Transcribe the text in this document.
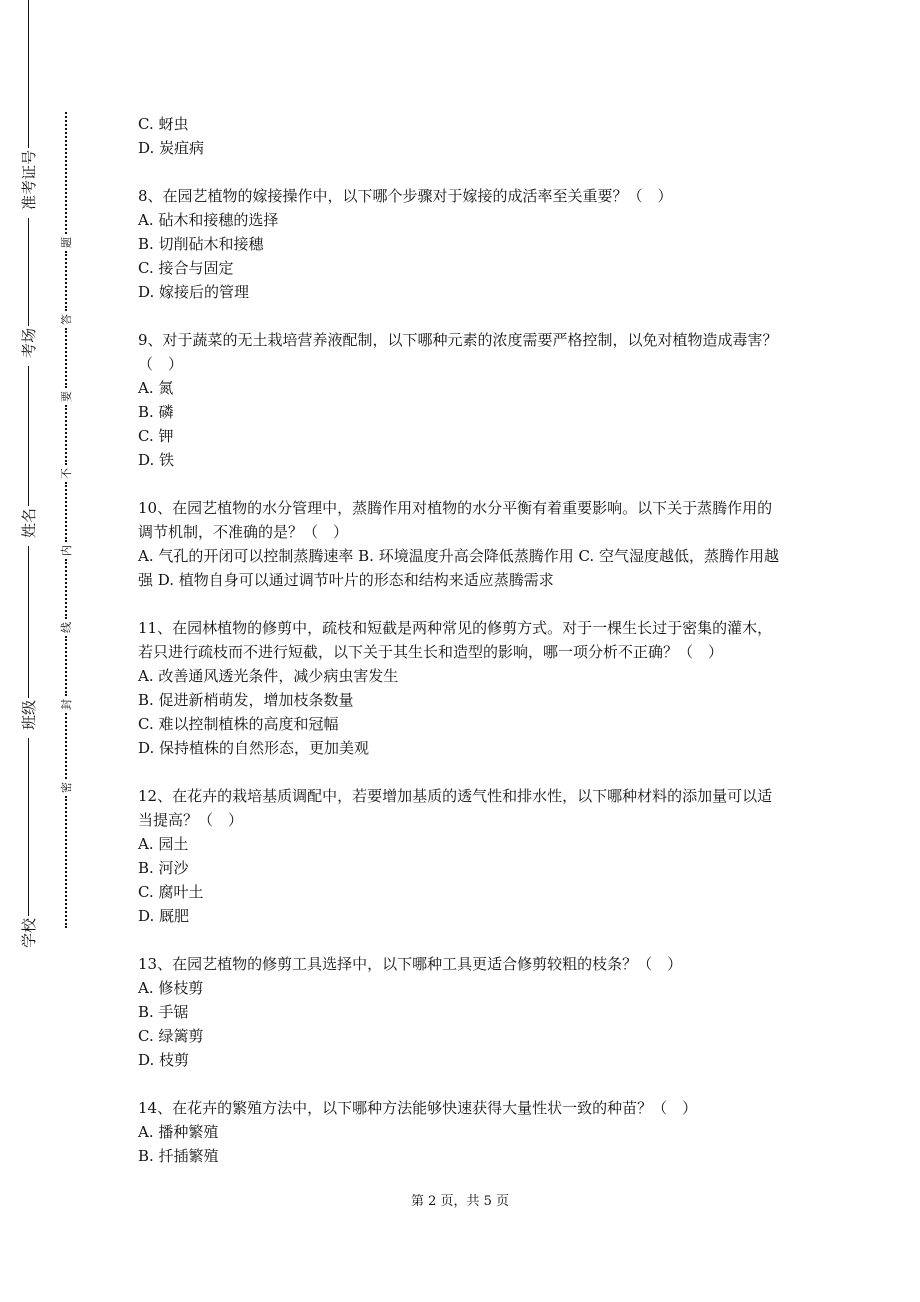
学校
班级
姓名
考场
准考证号
密
封
线
内
不
要
答
题
C. 蚜虫
D. 炭疽病

8、在园艺植物的嫁接操作中，以下哪个步骤对于嫁接的成活率至关重要？（　）

A. 砧木和接穗的选择
B. 切削砧木和接穗
C. 接合与固定
D. 嫁接后的管理

9、对于蔬菜的无土栽培营养液配制，以下哪种元素的浓度需要严格控制，以免对植物造成毒害？（　）

A. 氮
B. 磷
C. 钾
D. 铁

10、在园艺植物的水分管理中，蒸腾作用对植物的水分平衡有着重要影响。以下关于蒸腾作用的调节机制，不准确的是？（　）

A. 气孔的开闭可以控制蒸腾速率 B. 环境温度升高会降低蒸腾作用 C. 空气湿度越低，蒸腾作用越强 D. 植物自身可以通过调节叶片的形态和结构来适应蒸腾需求

11、在园林植物的修剪中，疏枝和短截是两种常见的修剪方式。对于一棵生长过于密集的灌木，若只进行疏枝而不进行短截，以下关于其生长和造型的影响，哪一项分析不正确？（　）

A. 改善通风透光条件，减少病虫害发生
B. 促进新梢萌发，增加枝条数量
C. 难以控制植株的高度和冠幅
D. 保持植株的自然形态，更加美观

12、在花卉的栽培基质调配中，若要增加基质的透气性和排水性，以下哪种材料的添加量可以适当提高？（　）

A. 园土
B. 河沙
C. 腐叶土
D. 厩肥

13、在园艺植物的修剪工具选择中，以下哪种工具更适合修剪较粗的枝条？（　）

A. 修枝剪
B. 手锯
C. 绿篱剪
D. 枝剪

14、在花卉的繁殖方法中，以下哪种方法能够快速获得大量性状一致的种苗？（　）

A. 播种繁殖
B. 扦插繁殖
第 2 页，共 5 页
